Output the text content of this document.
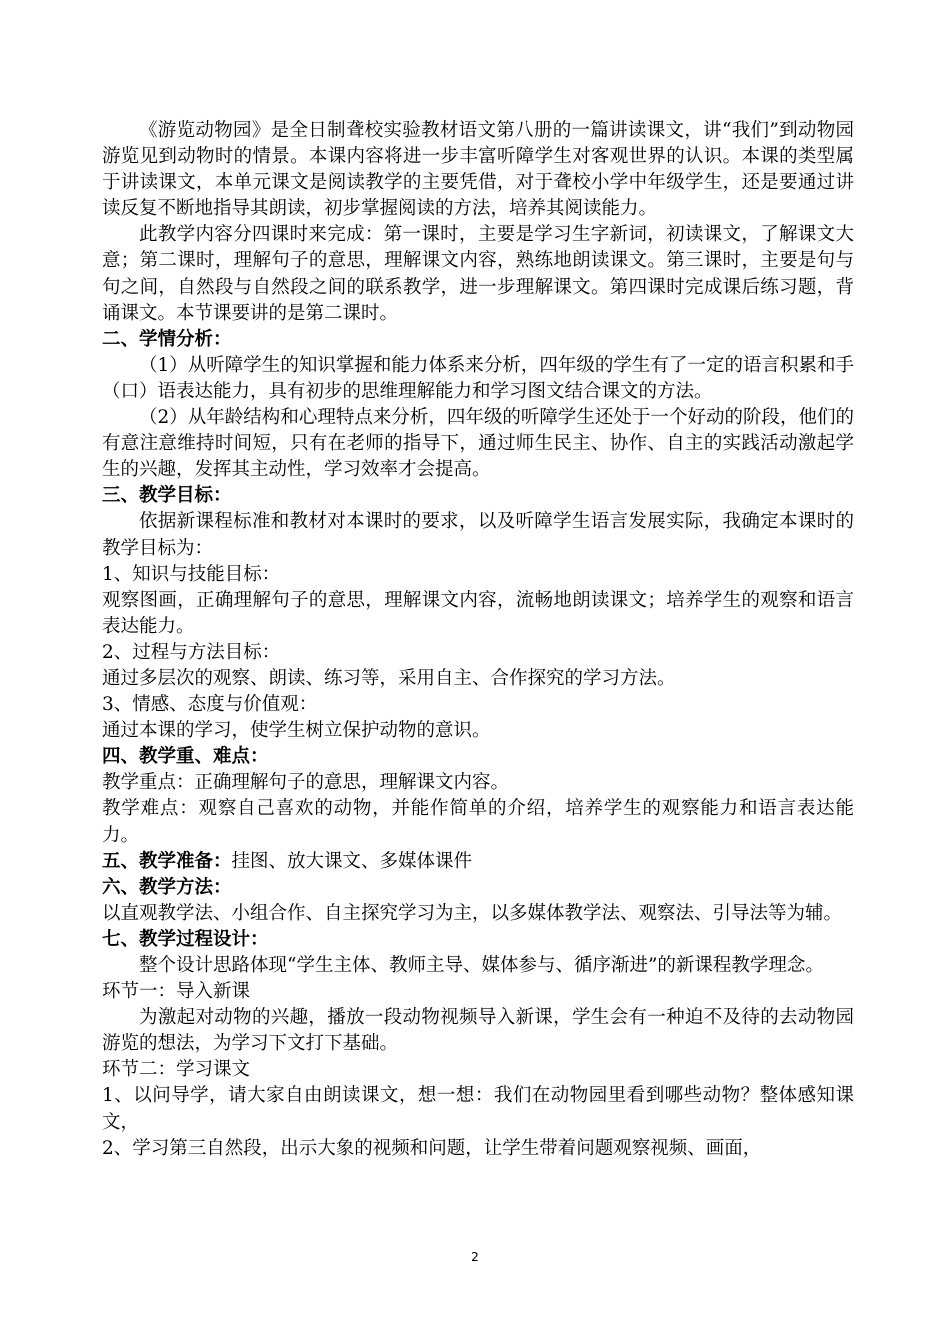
《游览动物园》是全日制聋校实验教材语文第八册的一篇讲读课文，讲“我们”到动物园游览见到动物时的情景。本课内容将进一步丰富听障学生对客观世界的认识。本课的类型属于讲读课文，本单元课文是阅读教学的主要凭借，对于聋校小学中年级学生，还是要通过讲读反复不断地指导其朗读，初步掌握阅读的方法，培养其阅读能力。

此教学内容分四课时来完成：第一课时，主要是学习生字新词，初读课文，了解课文大意；第二课时，理解句子的意思，理解课文内容，熟练地朗读课文。第三课时，主要是句与句之间，自然段与自然段之间的联系教学，进一步理解课文。第四课时完成课后练习题，背诵课文。本节课要讲的是第二课时。

二、学情分析：

（1）从听障学生的知识掌握和能力体系来分析，四年级的学生有了一定的语言积累和手（口）语表达能力，具有初步的思维理解能力和学习图文结合课文的方法。

（2）从年龄结构和心理特点来分析，四年级的听障学生还处于一个好动的阶段，他们的有意注意维持时间短，只有在老师的指导下，通过师生民主、协作、自主的实践活动激起学生的兴趣，发挥其主动性，学习效率才会提高。

三、教学目标：

依据新课程标准和教材对本课时的要求，以及听障学生语言发展实际，我确定本课时的教学目标为：

1、知识与技能目标：

观察图画，正确理解句子的意思，理解课文内容，流畅地朗读课文；培养学生的观察和语言表达能力。

2、过程与方法目标：

通过多层次的观察、朗读、练习等，采用自主、合作探究的学习方法。

3、情感、态度与价值观：

通过本课的学习，使学生树立保护动物的意识。

四、教学重、难点：

教学重点：正确理解句子的意思，理解课文内容。

教学难点：观察自己喜欢的动物，并能作简单的介绍，培养学生的观察能力和语言表达能力。

五、教学准备：挂图、放大课文、多媒体课件

六、教学方法：

以直观教学法、小组合作、自主探究学习为主，以多媒体教学法、观察法、引导法等为辅。

七、教学过程设计：

整个设计思路体现“学生主体、教师主导、媒体参与、循序渐进”的新课程教学理念。

环节一：导入新课

为激起对动物的兴趣，播放一段动物视频导入新课，学生会有一种迫不及待的去动物园游览的想法，为学习下文打下基础。

环节二：学习课文

1、以问导学，请大家自由朗读课文，想一想：我们在动物园里看到哪些动物？整体感知课文，

2、学习第三自然段，出示大象的视频和问题，让学生带着问题观察视频、画面，

2
